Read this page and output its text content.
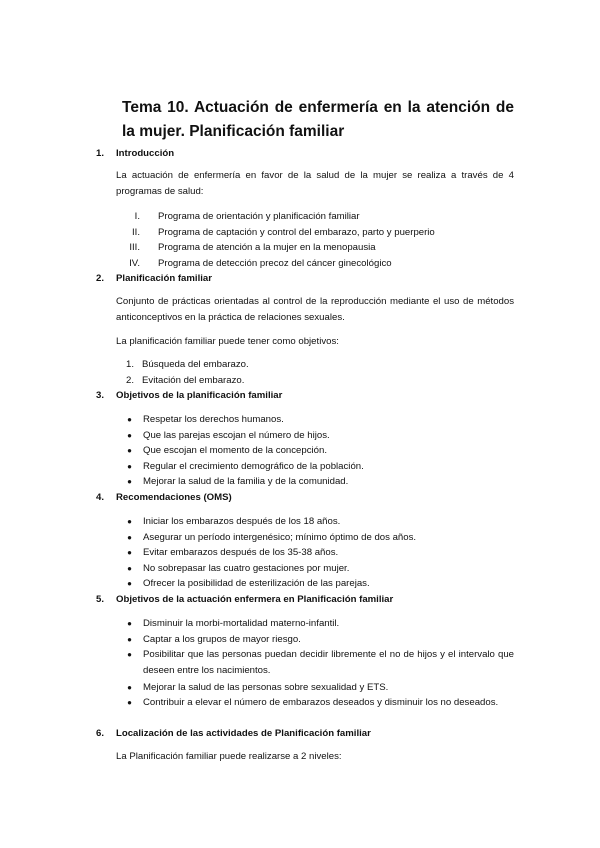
Tema 10. Actuación de enfermería en la atención de la mujer. Planificación familiar
1. Introducción
La actuación de enfermería en favor de la salud de la mujer se realiza a través de 4 programas de salud:
I. Programa de orientación y planificación familiar
II. Programa de captación y control del embarazo, parto y puerperio
III. Programa de atención a la mujer en la menopausia
IV. Programa de detección precoz del cáncer ginecológico
2. Planificación familiar
Conjunto de prácticas orientadas al control de la reproducción mediante el uso de métodos anticonceptivos en la práctica de relaciones sexuales.
La planificación familiar puede tener como objetivos:
1. Búsqueda del embarazo.
2. Evitación del embarazo.
3. Objetivos de la planificación familiar
● Respetar los derechos humanos.
● Que las parejas escojan el número de hijos.
● Que escojan el momento de la concepción.
● Regular el crecimiento demográfico de la población.
● Mejorar la salud de la familia y de la comunidad.
4. Recomendaciones (OMS)
● Iniciar los embarazos después de los 18 años.
● Asegurar un período intergenésico; mínimo óptimo de dos años.
● Evitar embarazos después de los 35-38 años.
● No sobrepasar las cuatro gestaciones por mujer.
● Ofrecer la posibilidad de esterilización de las parejas.
5. Objetivos de la actuación enfermera en Planificación familiar
● Disminuir la morbi-mortalidad materno-infantil.
● Captar a los grupos de mayor riesgo.
● Posibilitar que las personas puedan decidir libremente el no de hijos y el intervalo que deseen entre los nacimientos.
● Mejorar la salud de las personas sobre sexualidad y ETS.
● Contribuir a elevar el número de embarazos deseados y disminuir los no deseados.
6. Localización de las actividades de Planificación familiar
La Planificación familiar puede realizarse a 2 niveles:
